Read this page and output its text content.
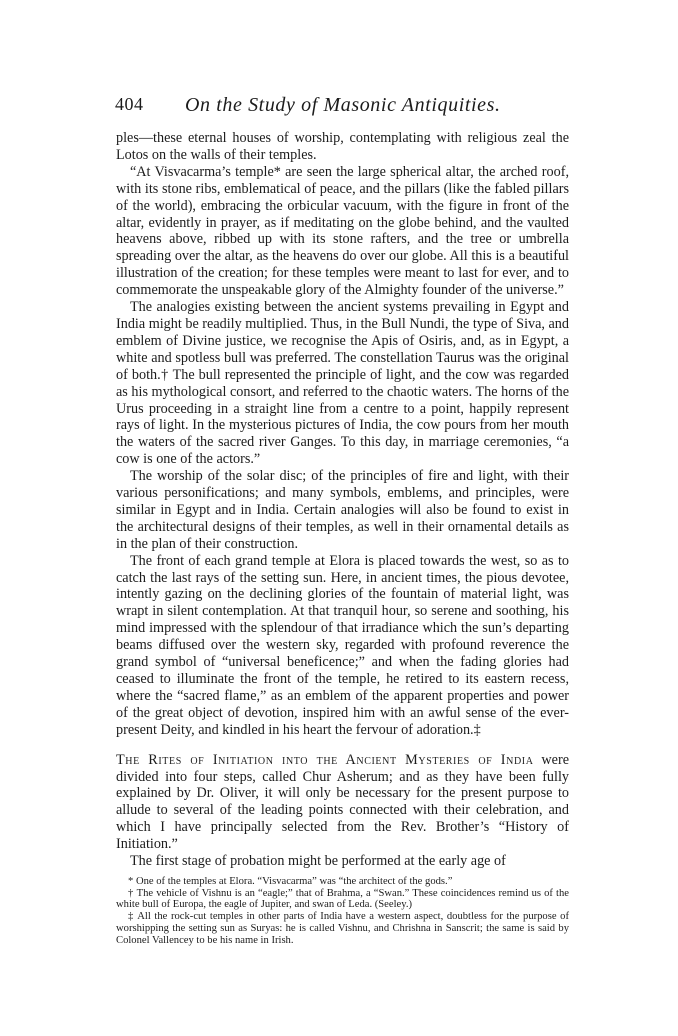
404 On the Study of Masonic Antiquities.

ples—these eternal houses of worship, contemplating with religious zeal the Lotos on the walls of their temples.

“At Visvacarma’s temple* are seen the large spherical altar, the arched roof, with its stone ribs, emblematical of peace, and the pillars (like the fabled pillars of the world), embracing the orbicular vacuum, with the figure in front of the altar, evidently in prayer, as if meditating on the globe behind, and the vaulted heavens above, ribbed up with its stone rafters, and the tree or umbrella spreading over the altar, as the heavens do over our globe. All this is a beautiful illustration of the creation; for these temples were meant to last for ever, and to commemorate the unspeakable glory of the Almighty founder of the universe.”

The analogies existing between the ancient systems prevailing in Egypt and India might be readily multiplied. Thus, in the Bull Nundi, the type of Siva, and emblem of Divine justice, we recognise the Apis of Osiris, and, as in Egypt, a white and spotless bull was preferred. The constellation Taurus was the original of both.† The bull represented the principle of light, and the cow was regarded as his mythological consort, and referred to the chaotic waters. The horns of the Urus proceeding in a straight line from a centre to a point, happily represent rays of light. In the mysterious pictures of India, the cow pours from her mouth the waters of the sacred river Ganges. To this day, in marriage ceremonies, “a cow is one of the actors.”

The worship of the solar disc; of the principles of fire and light, with their various personifications; and many symbols, emblems, and principles, were similar in Egypt and in India. Certain analogies will also be found to exist in the architectural designs of their temples, as well in their ornamental details as in the plan of their construction.

The front of each grand temple at Elora is placed towards the west, so as to catch the last rays of the setting sun. Here, in ancient times, the pious devotee, intently gazing on the declining glories of the fountain of material light, was wrapt in silent contemplation. At that tranquil hour, so serene and soothing, his mind impressed with the splendour of that irradiance which the sun’s departing beams diffused over the western sky, regarded with profound reverence the grand symbol of “universal beneficence;” and when the fading glories had ceased to illuminate the front of the temple, he retired to its eastern recess, where the “sacred flame,” as an emblem of the apparent properties and power of the great object of devotion, inspired him with an awful sense of the ever-present Deity, and kindled in his heart the fervour of adoration.‡

The Rites of Initiation into the Ancient Mysteries of India were divided into four steps, called Chur Asherum; and as they have been fully explained by Dr. Oliver, it will only be necessary for the present purpose to allude to several of the leading points connected with their celebration, and which I have principally selected from the Rev. Brother’s “History of Initiation.”

The first stage of probation might be performed at the early age of

* One of the temples at Elora. “Visvacarma” was “the architect of the gods.”

† The vehicle of Vishnu is an “eagle;” that of Brahma, a “Swan.” These coincidences remind us of the white bull of Europa, the eagle of Jupiter, and swan of Leda. (Seeley.)

‡ All the rock-cut temples in other parts of India have a western aspect, doubtless for the purpose of worshipping the setting sun as Suryas: he is called Vishnu, and Chrishna in Sanscrit; the same is said by Colonel Vallencey to be his name in Irish.
